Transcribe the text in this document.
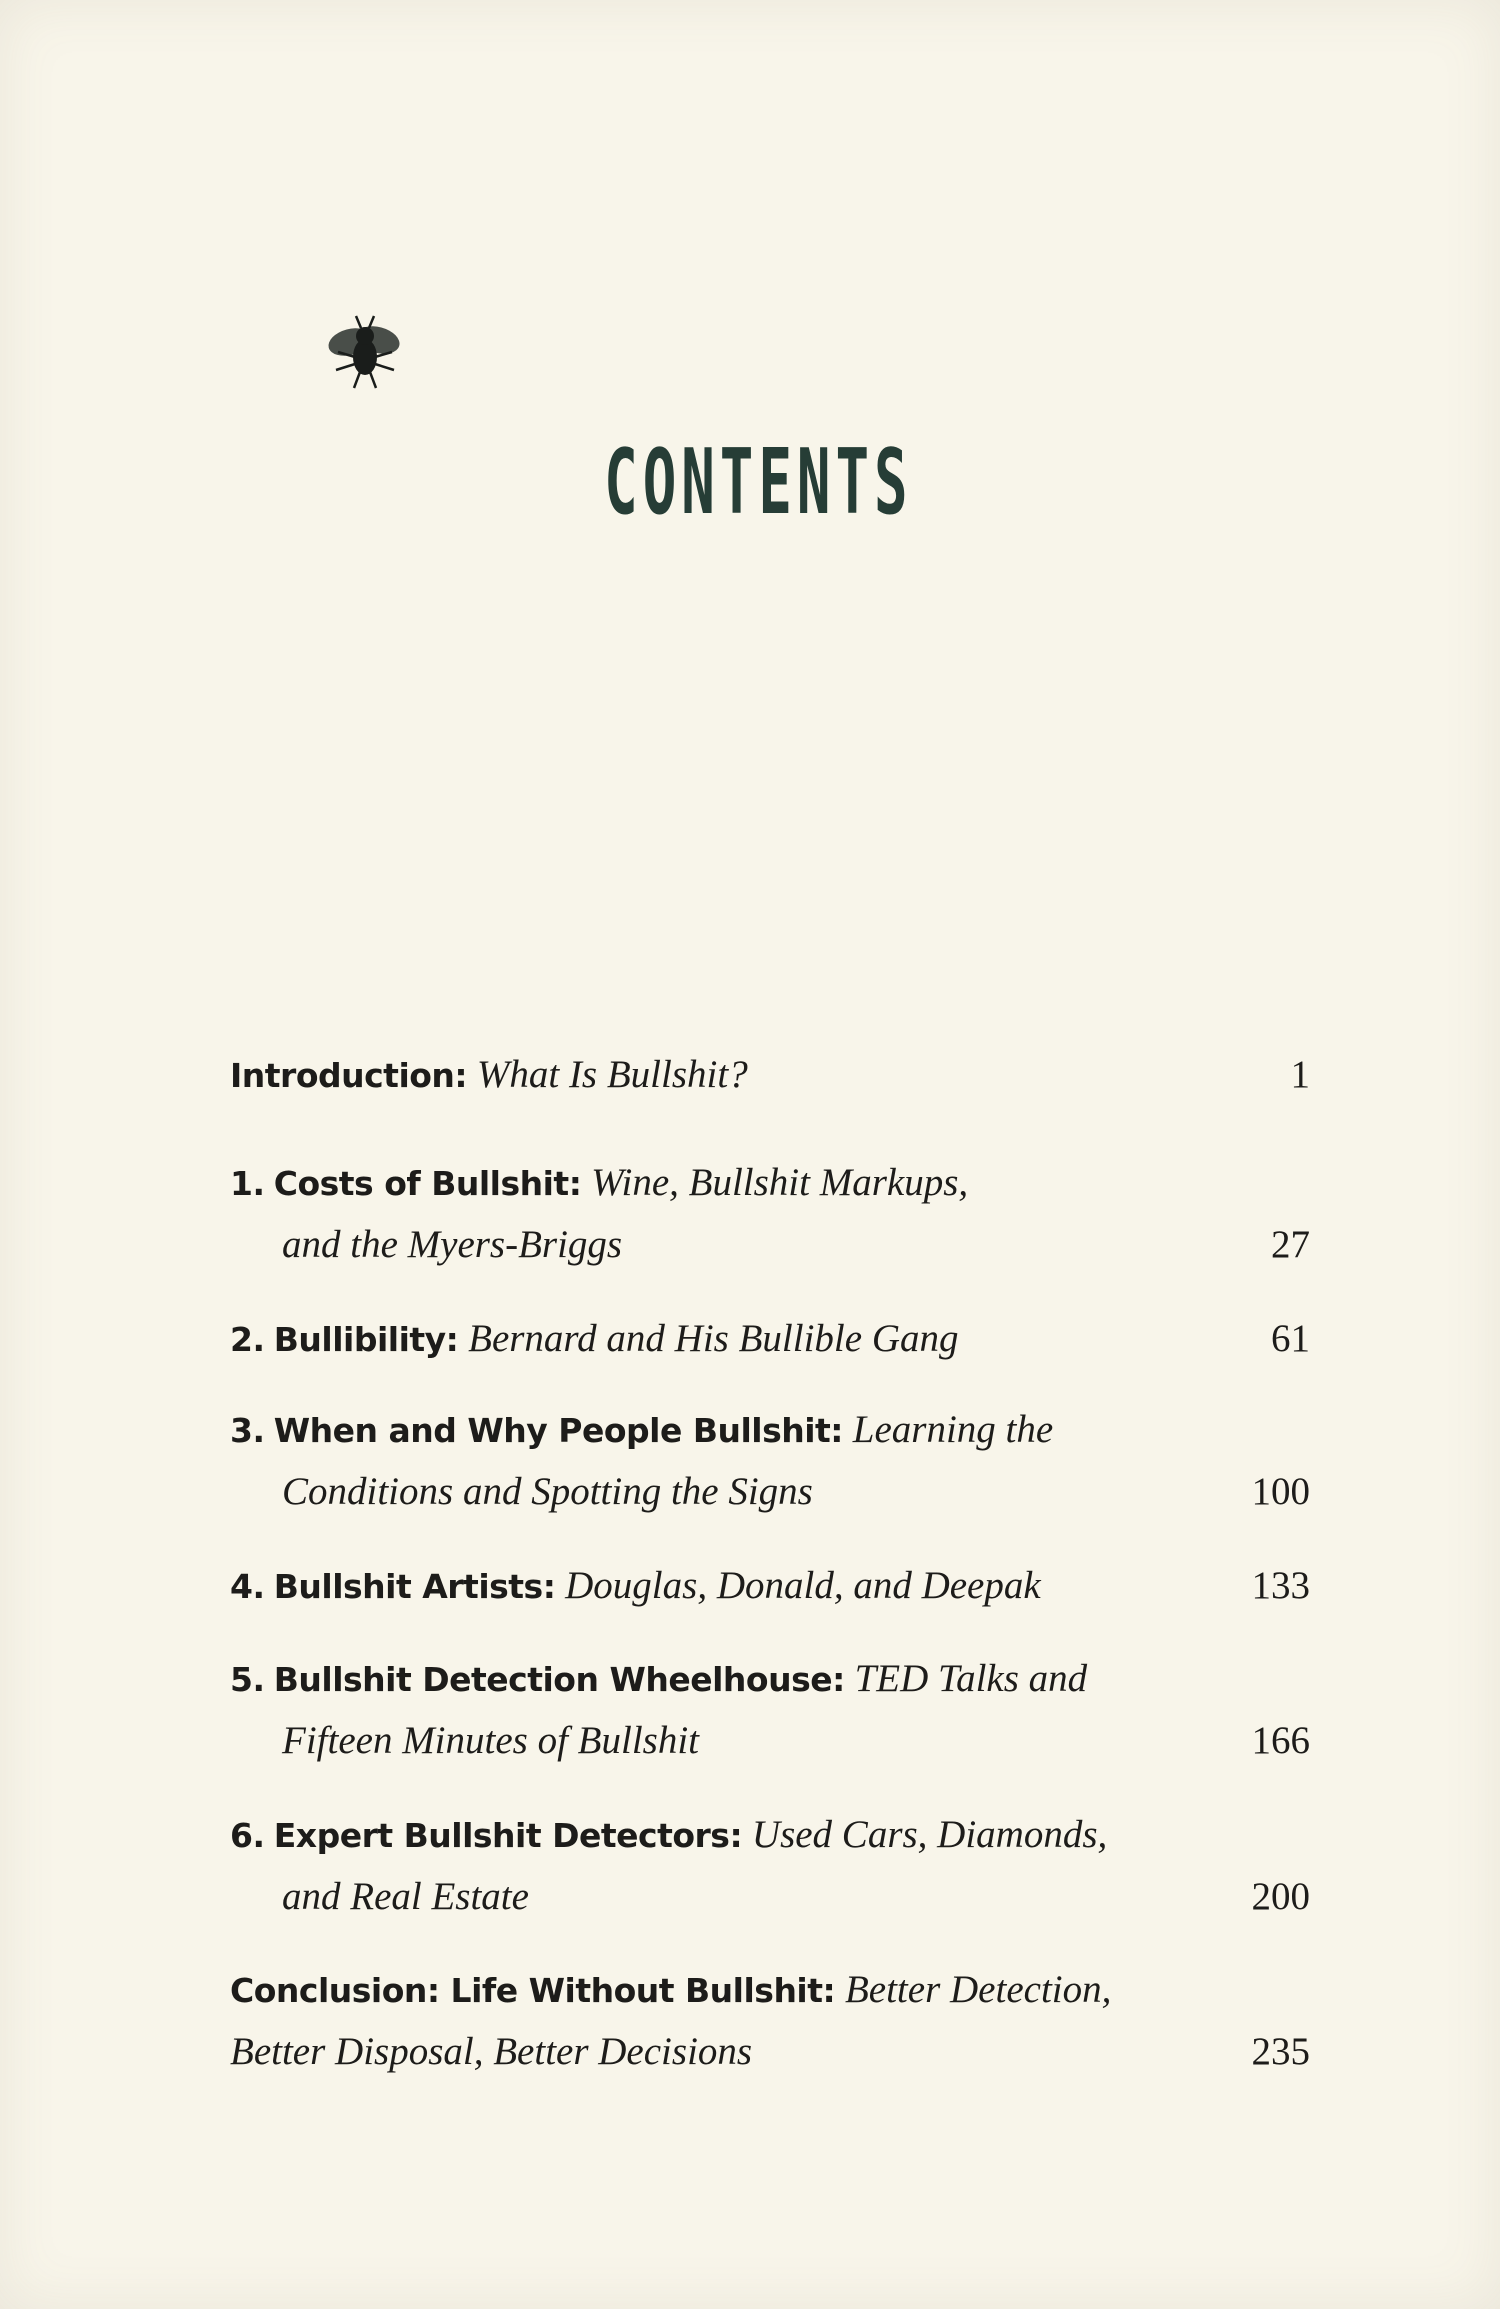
CONTENTS
Introduction: What Is Bullshit?	1
1. Costs of Bullshit: Wine, Bullshit Markups,
and the Myers-Briggs	27
2. Bullibility: Bernard and His Bullible Gang	61
3. When and Why People Bullshit: Learning the
Conditions and Spotting the Signs	100
4. Bullshit Artists: Douglas, Donald, and Deepak	133
5. Bullshit Detection Wheelhouse: TED Talks and
Fifteen Minutes of Bullshit	166
6. Expert Bullshit Detectors: Used Cars, Diamonds,
and Real Estate	200
Conclusion: Life Without Bullshit: Better Detection,
Better Disposal, Better Decisions	235
